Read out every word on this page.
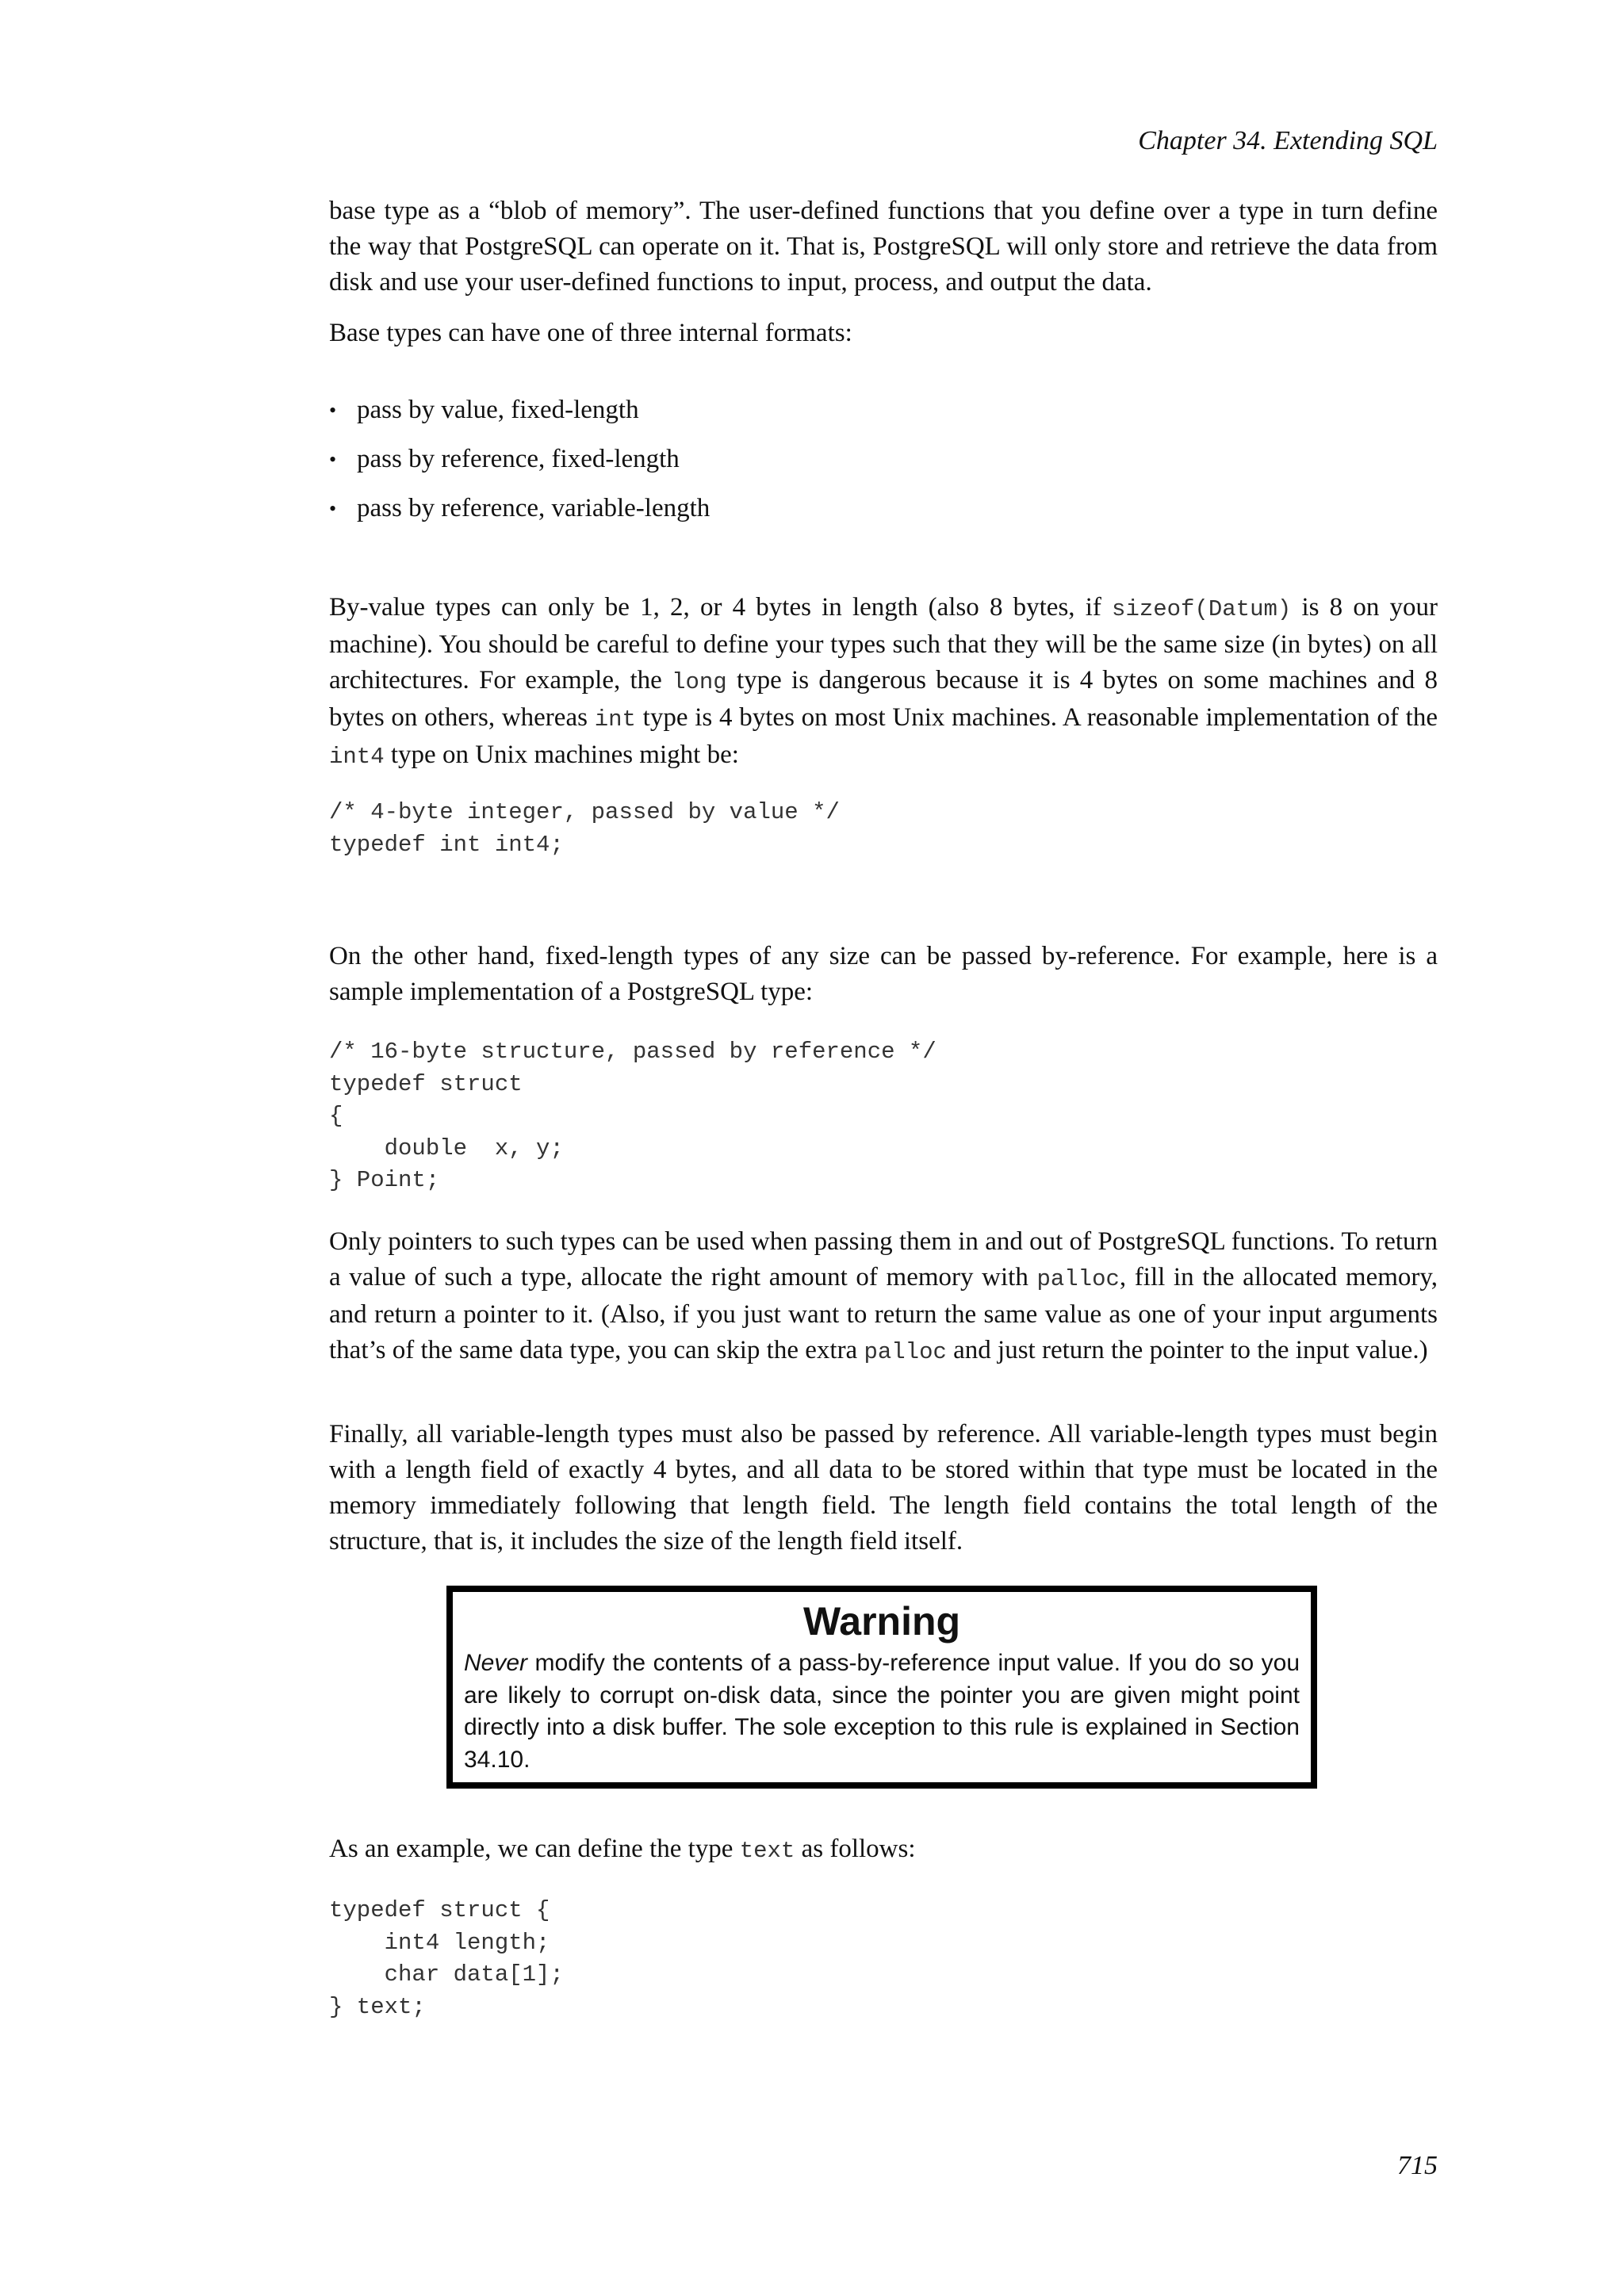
Chapter 34. Extending SQL

base type as a “blob of memory”. The user-defined functions that you define over a type in turn define the way that PostgreSQL can operate on it. That is, PostgreSQL will only store and retrieve the data from disk and use your user-defined functions to input, process, and output the data.

Base types can have one of three internal formats:

• pass by value, fixed-length
• pass by reference, fixed-length
• pass by reference, variable-length

By-value types can only be 1, 2, or 4 bytes in length (also 8 bytes, if sizeof(Datum) is 8 on your machine). You should be careful to define your types such that they will be the same size (in bytes) on all architectures. For example, the long type is dangerous because it is 4 bytes on some machines and 8 bytes on others, whereas int type is 4 bytes on most Unix machines. A reasonable implementation of the int4 type on Unix machines might be:

/* 4-byte integer, passed by value */
typedef int int4;

On the other hand, fixed-length types of any size can be passed by-reference. For example, here is a sample implementation of a PostgreSQL type:

/* 16-byte structure, passed by reference */
typedef struct
{
double  x, y;
} Point;

Only pointers to such types can be used when passing them in and out of PostgreSQL functions. To return a value of such a type, allocate the right amount of memory with palloc, fill in the allocated memory, and return a pointer to it. (Also, if you just want to return the same value as one of your input arguments that’s of the same data type, you can skip the extra palloc and just return the pointer to the input value.)

Finally, all variable-length types must also be passed by reference. All variable-length types must begin with a length field of exactly 4 bytes, and all data to be stored within that type must be located in the memory immediately following that length field. The length field contains the total length of the structure, that is, it includes the size of the length field itself.

Warning

Never modify the contents of a pass-by-reference input value. If you do so you are likely to corrupt on-disk data, since the pointer you are given might point directly into a disk buffer. The sole exception to this rule is explained in Section 34.10.

As an example, we can define the type text as follows:

typedef struct {
int4 length;
char data[1];
} text;
715
